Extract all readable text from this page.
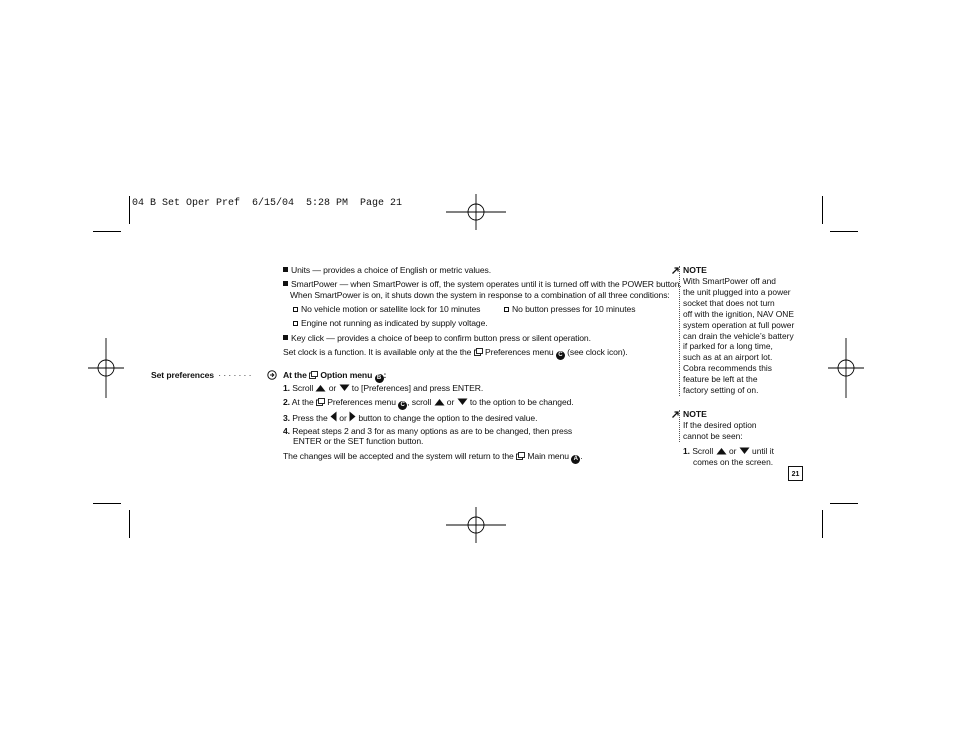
04 B Set Oper Pref  6/15/04  5:28 PM  Page 21
Units — provides a choice of English or metric values.
SmartPower — when SmartPower is off, the system operates until it is turned off with the POWER button.
When SmartPower is on, it shuts down the system in response to a combination of all three conditions:
No vehicle motion or satellite lock for 10 minutes	No button presses for 10 minutes
Engine not running as indicated by supply voltage.
Key click — provides a choice of beep to confirm button press or silent operation.
Set clock is a function. It is available only at the the Preferences menu C (see clock icon).
Set preferences · · · · · · ·	At the Option menu B :
1. Scroll or to [Preferences] and press ENTER.
2. At the Preferences menu C , scroll or to the option to be changed.
3. Press the or button to change the option to the desired value.
4. Repeat steps 2 and 3 for as many options as are to be changed, then press
ENTER or the SET function button.
The changes will be accepted and the system will return to the Main menu A .
NOTE
With SmartPower off and
the unit plugged into a power
socket that does not turn
off with the ignition, NAV ONE
system operation at full power
can drain the vehicle’s battery
if parked for a long time,
such as at an airport lot.
Cobra recommends this
feature be left at the
factory setting of on.
NOTE
If the desired option
cannot be seen:
1. Scroll or until it
comes on the screen.
21
